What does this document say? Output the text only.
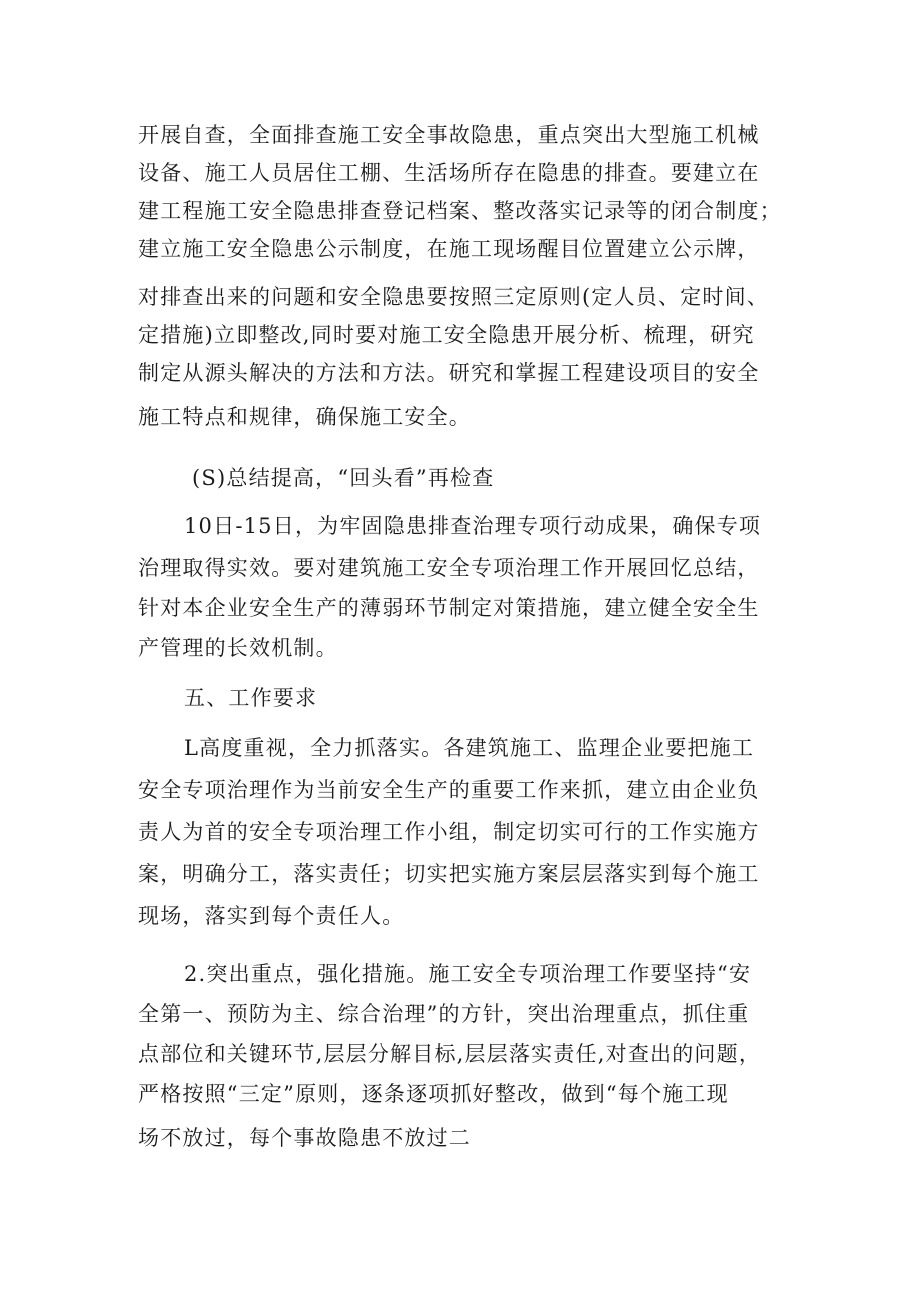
开展自查，全面排查施工安全事故隐患，重点突出大型施工机械
设备、施工人员居住工棚、生活场所存在隐患的排查。要建立在
建工程施工安全隐患排查登记档案、整改落实记录等的闭合制度；
建立施工安全隐患公示制度，在施工现场醒目位置建立公示牌，
对排查出来的问题和安全隐患要按照三定原则(定人员、定时间、
定措施)立即整改,同时要对施工安全隐患开展分析、梳理，研究
制定从源头解决的方法和方法。研究和掌握工程建设项目的安全
施工特点和规律，确保施工安全。
(S)总结提高，“回头看”再检查
10日-15日，为牢固隐患排查治理专项行动成果，确保专项
治理取得实效。要对建筑施工安全专项治理工作开展回忆总结，
针对本企业安全生产的薄弱环节制定对策措施，建立健全安全生
产管理的长效机制。
五、工作要求
L高度重视，全力抓落实。各建筑施工、监理企业要把施工
安全专项治理作为当前安全生产的重要工作来抓，建立由企业负
责人为首的安全专项治理工作小组，制定切实可行的工作实施方
案，明确分工，落实责任；切实把实施方案层层落实到每个施工
现场，落实到每个责任人。
2.突出重点，强化措施。施工安全专项治理工作要坚持“安
全第一、预防为主、综合治理”的方针，突出治理重点，抓住重
点部位和关键环节,层层分解目标,层层落实责任,对查出的问题，
严格按照“三定”原则，逐条逐项抓好整改，做到“每个施工现
场不放过，每个事故隐患不放过二
